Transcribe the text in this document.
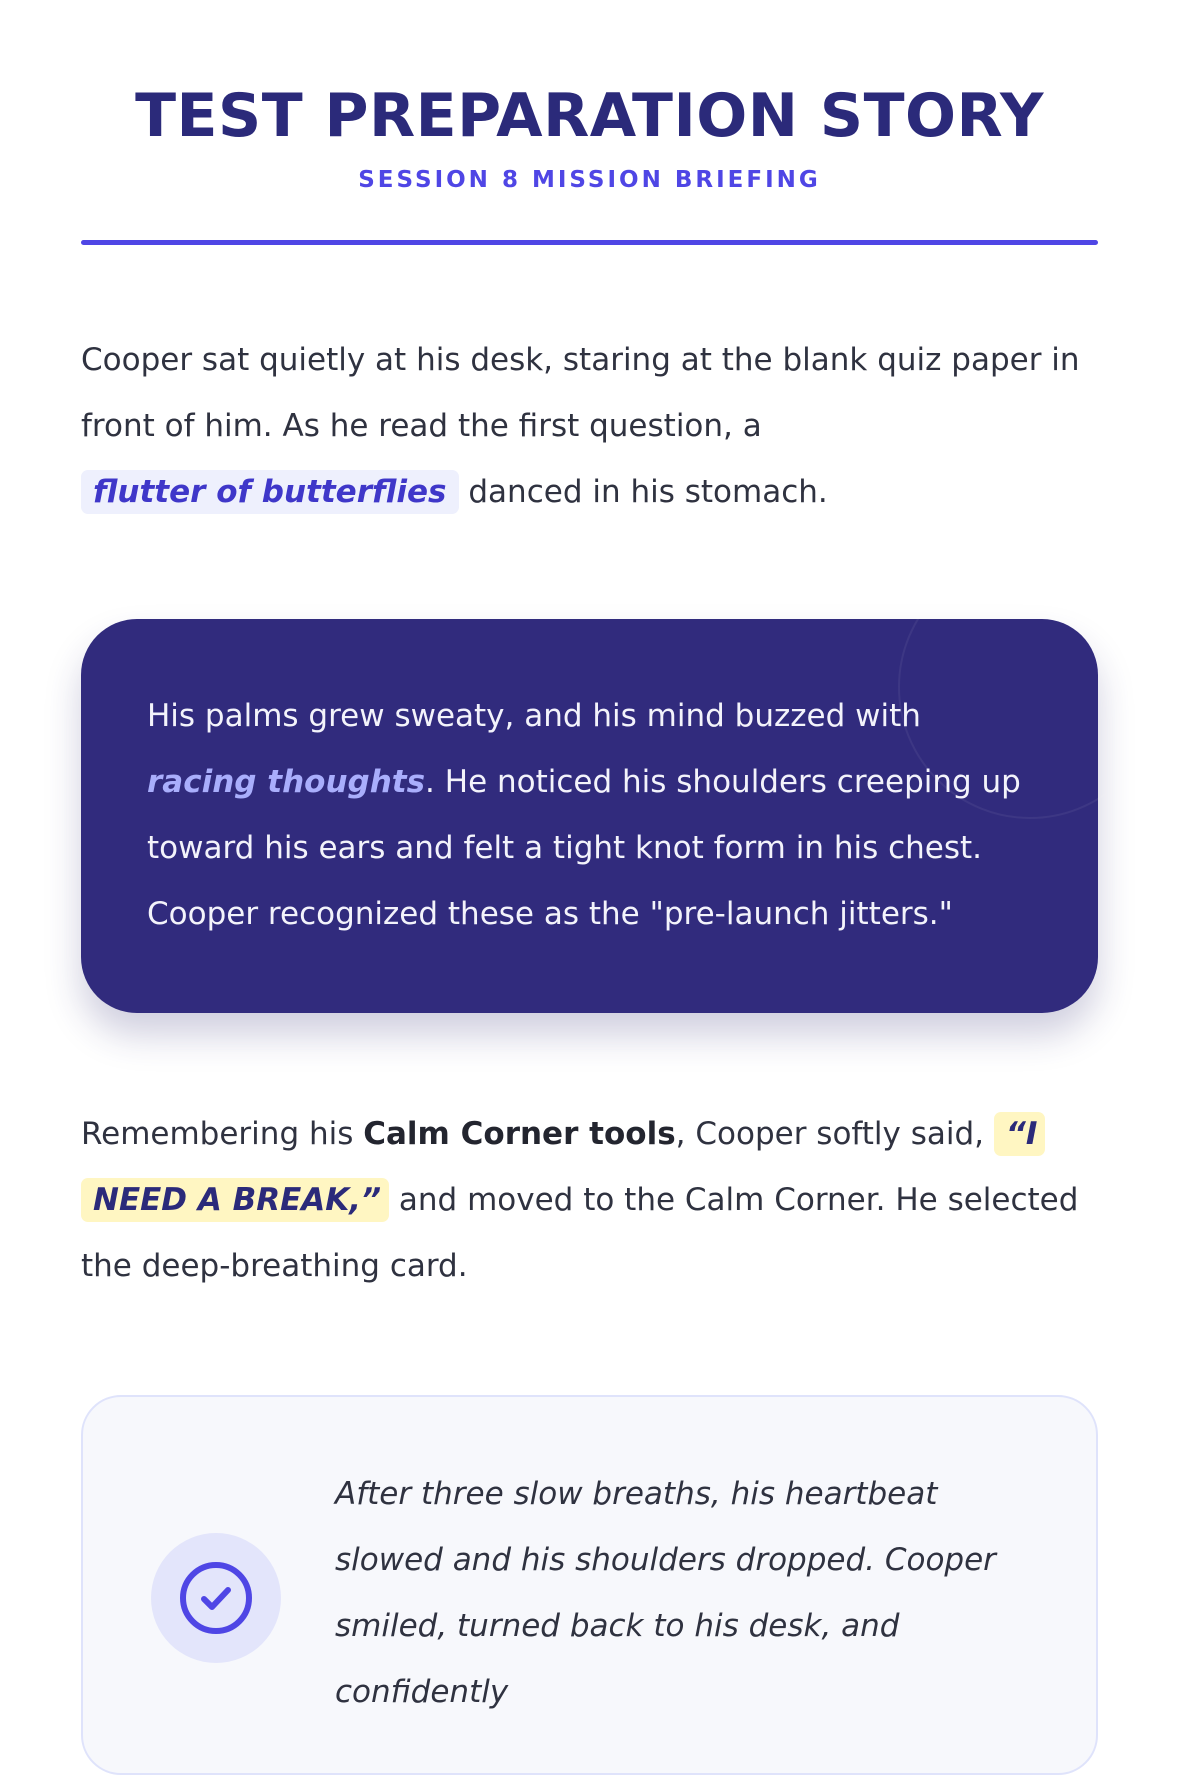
TEST PREPARATION STORY
SESSION 8 MISSION BRIEFING

Cooper sat quietly at his desk, staring at the blank quiz paper in front of him. As he read the first question, a flutter of butterflies danced in his stomach.

His palms grew sweaty, and his mind buzzed with racing thoughts. He noticed his shoulders creeping up toward his ears and felt a tight knot form in his chest. Cooper recognized these as the "pre-launch jitters."

Remembering his Calm Corner tools, Cooper softly said, “I NEED A BREAK,” and moved to the Calm Corner. He selected the deep-breathing card.

After three slow breaths, his heartbeat slowed and his shoulders dropped. Cooper smiled, turned back to his desk, and confidently
